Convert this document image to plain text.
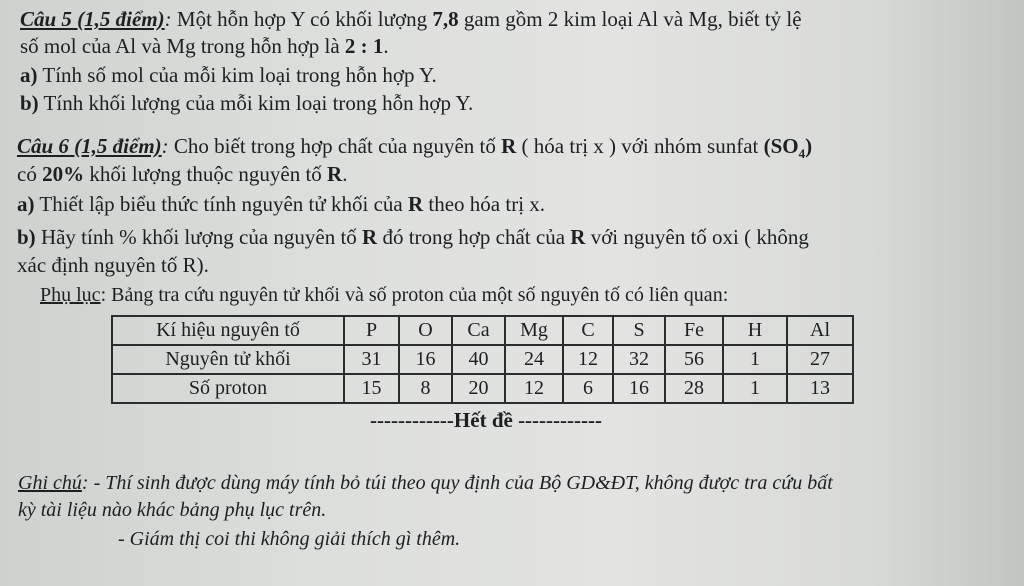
Câu 5 (1,5 điểm): Một hỗn hợp Y có khối lượng 7,8 gam gồm 2 kim loại Al và Mg, biết tỷ lệ
số mol của Al và Mg trong hỗn hợp là 2 : 1.
a) Tính số mol của mỗi kim loại trong hỗn hợp Y.
b) Tính khối lượng của mỗi kim loại trong hỗn hợp Y.
Câu 6 (1,5 điểm): Cho biết trong hợp chất của nguyên tố R ( hóa trị x ) với nhóm sunfat $(SO_4)$
có 20% khối lượng thuộc nguyên tố R.
a) Thiết lập biểu thức tính nguyên tử khối của R theo hóa trị x.
b) Hãy tính % khối lượng của nguyên tố R đó trong hợp chất của R với nguyên tố oxi ( không
xác định nguyên tố R).
Phụ lục: Bảng tra cứu nguyên tử khối và số proton của một số nguyên tố có liên quan:
Kí hiệu nguyên tố	P	O	Ca	Mg	C	S	Fe	H	Al
Nguyên tử khối	31	16	40	24	12	32	56	1	27
Số proton	15	8	20	12	6	16	28	1	13
------------Hết đề ------------
Ghi chú: - Thí sinh được dùng máy tính bỏ túi theo quy định của Bộ GD&ĐT, không được tra cứu bất
kỳ tài liệu nào khác bảng phụ lục trên.
- Giám thị coi thi không giải thích gì thêm.
